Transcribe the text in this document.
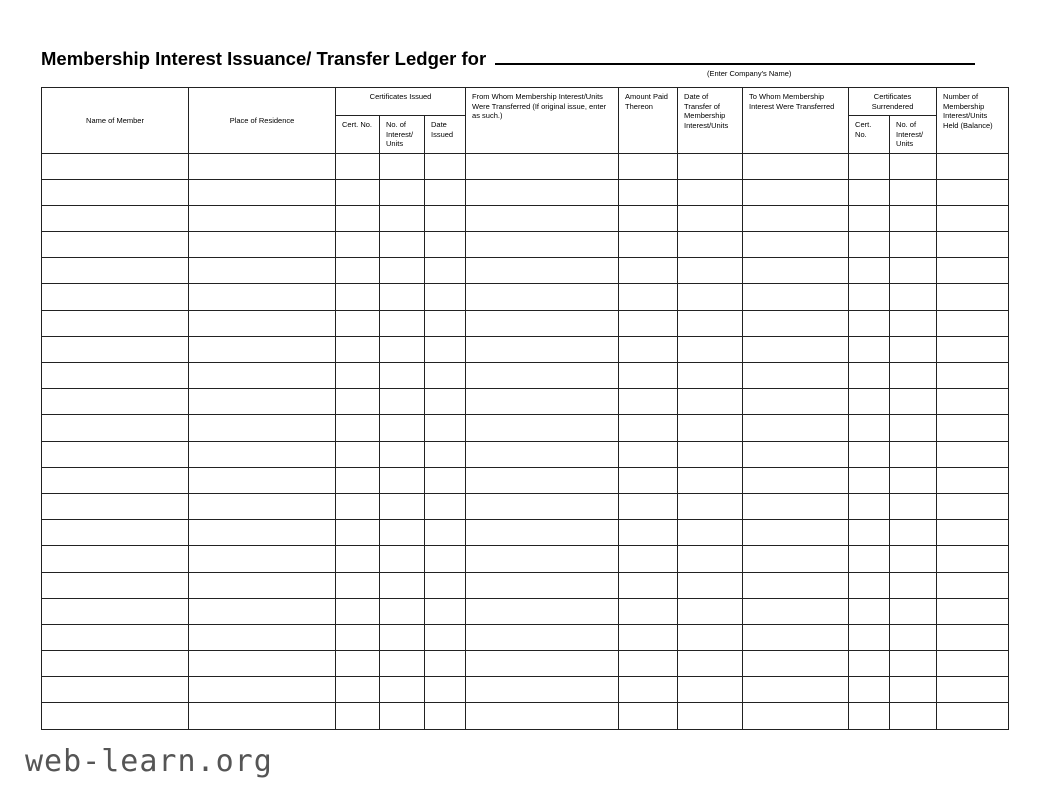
Membership Interest Issuance/ Transfer Ledger for
(Enter Company's Name)
Name of Member	Place of Residence	Certificates Issued			From Whom Membership Interest/Units Were Transferred (If original issue, enter as such.)	Amount Paid Thereon	Date of Transfer of Membership Interest/Units	To Whom Membership Interest Were Transferred	Certificates Surrendered		Number of Membership Interest/Units Held (Balance)
		Cert. No.	No. of Interest/ Units	Date Issued					Cert. No.	No. of Interest/ Units	

web-learn.org
